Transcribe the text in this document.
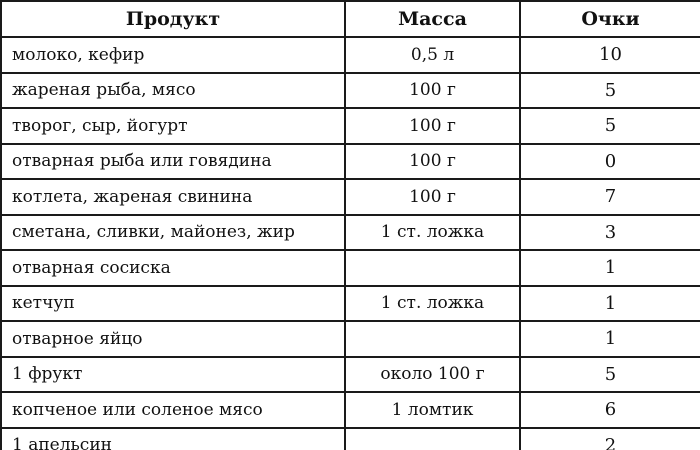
Продукт	Масса	Очки
молоко, кефир	0,5 л	10
жареная рыба, мясо	100 г	5
творог, сыр, йогурт	100 г	5
отварная рыба или говядина	100 г	0
котлета, жареная свинина	100 г	7
сметана, сливки, майонез, жир	1 ст. ложка	3
отварная сосиска		1
кетчуп	1 ст. ложка	1
отварное яйцо		1
1 фрукт	около 100 г	5
копченое или соленое мясо	1 ломтик	6
1 апельсин		2
